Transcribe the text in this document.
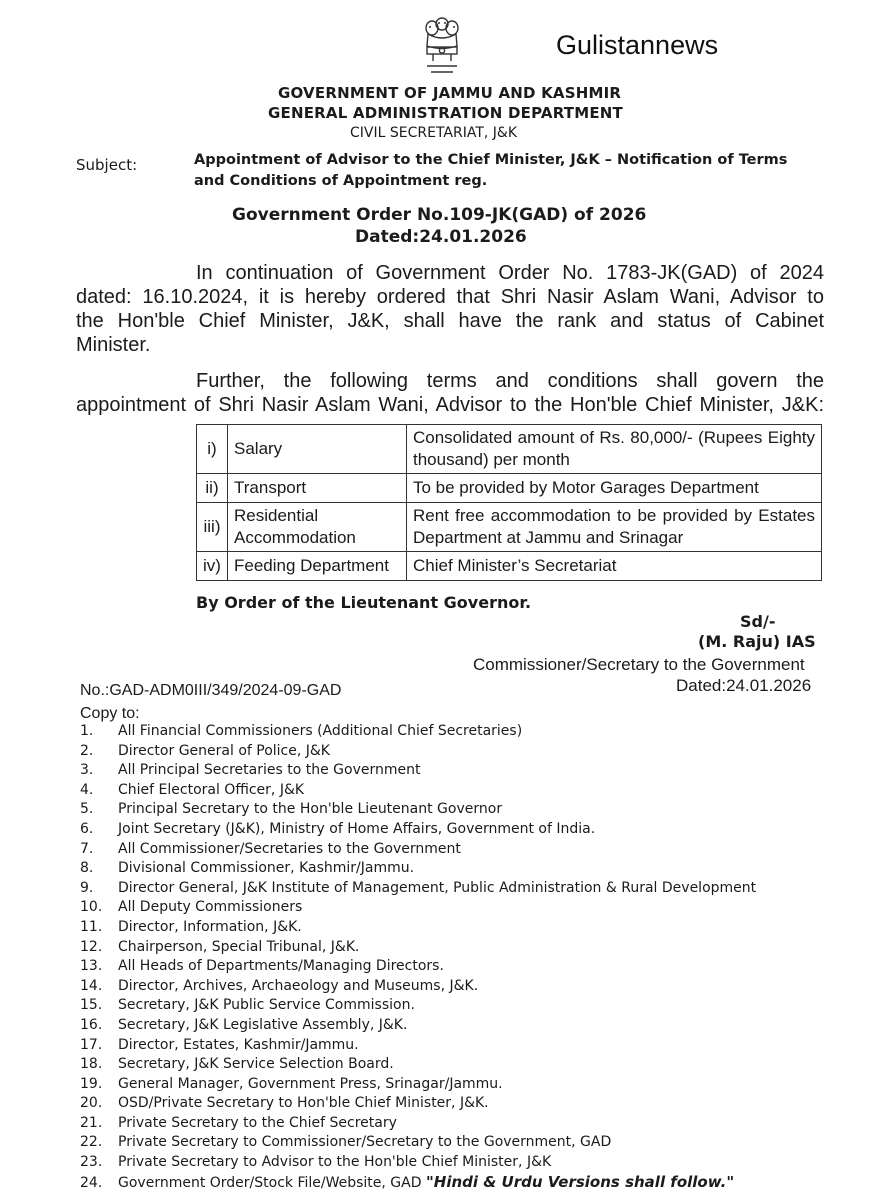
Gulistannews
GOVERNMENT OF JAMMU AND KASHMIR
GENERAL ADMINISTRATION DEPARTMENT
CIVIL SECRETARIAT, J&K
Subject:	Appointment of Advisor to the Chief Minister, J&K – Notification of Terms
and Conditions of Appointment reg.
Government Order No.109-JK(GAD) of 2026
Dated:24.01.2026
In continuation of Government Order No. 1783-JK(GAD) of 2024
dated: 16.10.2024, it is hereby ordered that Shri Nasir Aslam Wani, Advisor to
the Hon'ble Chief Minister, J&K, shall have the rank and status of Cabinet
Minister.
Further, the following terms and conditions shall govern the
appointment of Shri Nasir Aslam Wani, Advisor to the Hon'ble Chief Minister, J&K:
i)	Salary	Consolidated amount of Rs. 80,000/- (Rupees Eighty thousand) per month
ii)	Transport	To be provided by Motor Garages Department
iii)	Residential Accommodation	Rent free accommodation to be provided by Estates Department at Jammu and Srinagar
iv)	Feeding Department	Chief Minister’s Secretariat
By Order of the Lieutenant Governor.
Sd/-
(M. Raju) IAS
Commissioner/Secretary to the Government
No.:GAD-ADM0III/349/2024-09-GAD	Dated:24.01.2026
Copy to:
1. All Financial Commissioners (Additional Chief Secretaries)
2. Director General of Police, J&K
3. All Principal Secretaries to the Government
4. Chief Electoral Officer, J&K
5. Principal Secretary to the Hon'ble Lieutenant Governor
6. Joint Secretary (J&K), Ministry of Home Affairs, Government of India.
7. All Commissioner/Secretaries to the Government
8. Divisional Commissioner, Kashmir/Jammu.
9. Director General, J&K Institute of Management, Public Administration & Rural Development
10. All Deputy Commissioners
11. Director, Information, J&K.
12. Chairperson, Special Tribunal, J&K.
13. All Heads of Departments/Managing Directors.
14. Director, Archives, Archaeology and Museums, J&K.
15. Secretary, J&K Public Service Commission.
16. Secretary, J&K Legislative Assembly, J&K.
17. Director, Estates, Kashmir/Jammu.
18. Secretary, J&K Service Selection Board.
19. General Manager, Government Press, Srinagar/Jammu.
20. OSD/Private Secretary to Hon'ble Chief Minister, J&K.
21. Private Secretary to the Chief Secretary
22. Private Secretary to Commissioner/Secretary to the Government, GAD
23. Private Secretary to Advisor to the Hon'ble Chief Minister, J&K
24. Government Order/Stock File/Website, GAD "Hindi & Urdu Versions shall follow."
